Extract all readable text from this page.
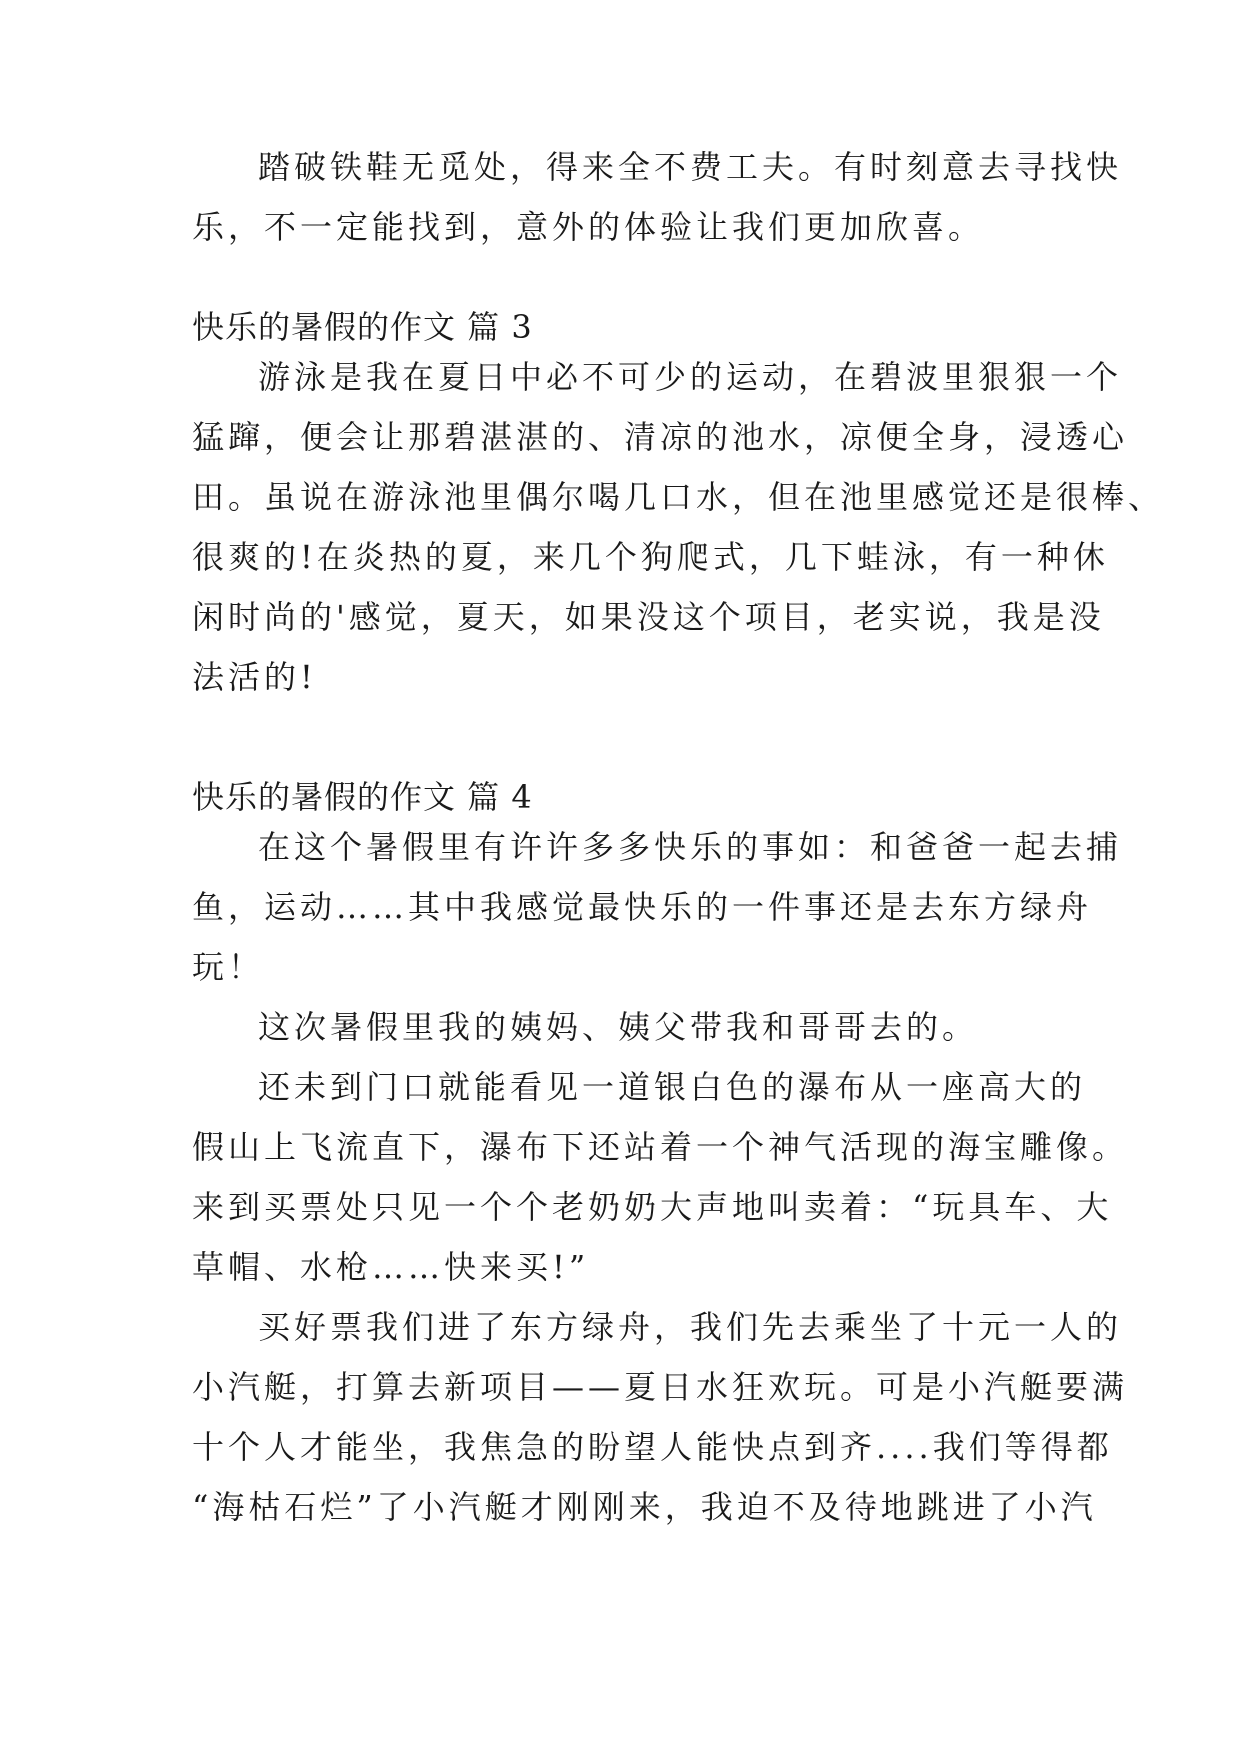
踏破铁鞋无觅处，得来全不费工夫。有时刻意去寻找快
乐，不一定能找到，意外的体验让我们更加欣喜。
快乐的暑假的作文 篇 3
游泳是我在夏日中必不可少的运动，在碧波里狠狠一个
猛蹿，便会让那碧湛湛的、清凉的池水，凉便全身，浸透心
田。虽说在游泳池里偶尔喝几口水，但在池里感觉还是很棒、
很爽的!在炎热的夏，来几个狗爬式，几下蛙泳，有一种休
闲时尚的'感觉，夏天，如果没这个项目，老实说，我是没
法活的!
快乐的暑假的作文 篇 4
在这个暑假里有许许多多快乐的事如：和爸爸一起去捕
鱼，运动……其中我感觉最快乐的一件事还是去东方绿舟
玩！
这次暑假里我的姨妈、姨父带我和哥哥去的。
还未到门口就能看见一道银白色的瀑布从一座高大的
假山上飞流直下，瀑布下还站着一个神气活现的海宝雕像。
来到买票处只见一个个老奶奶大声地叫卖着：“玩具车、大
草帽、水枪……快来买!”
买好票我们进了东方绿舟，我们先去乘坐了十元一人的
小汽艇，打算去新项目——夏日水狂欢玩。可是小汽艇要满
十个人才能坐，我焦急的盼望人能快点到齐....我们等得都
“海枯石烂”了小汽艇才刚刚来，我迫不及待地跳进了小汽
